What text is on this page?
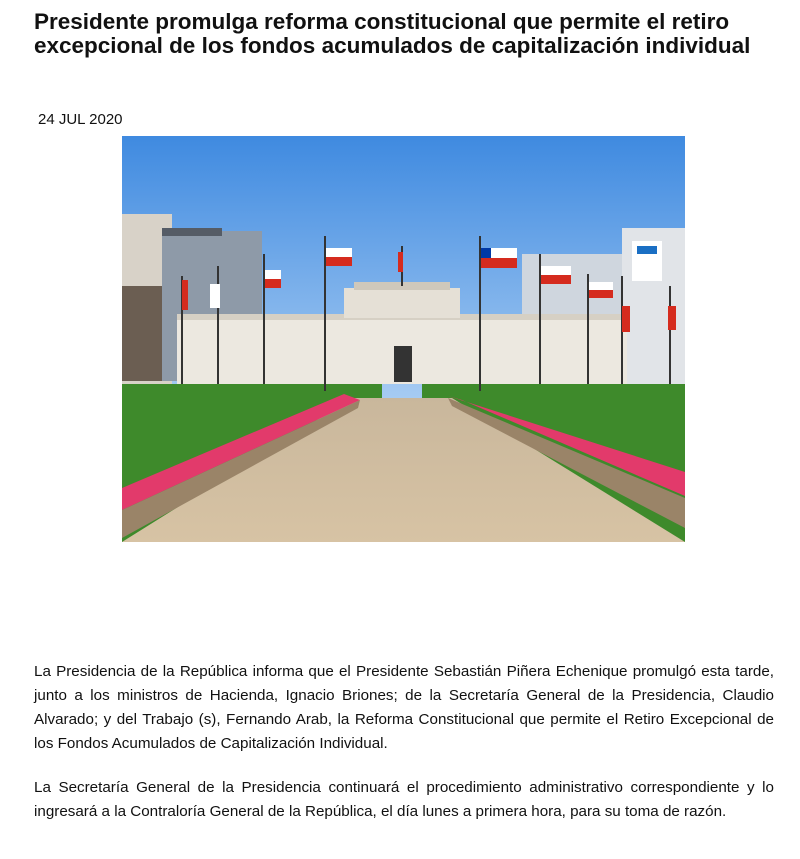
Presidente promulga reforma constitucional que permite el retiro excepcional de los fondos acumulados de capitalización individual
24 JUL 2020

La Presidencia de la República informa que el Presidente Sebastián Piñera Echenique promulgó esta tarde, junto a los ministros de Hacienda, Ignacio Briones; de la Secretaría General de la Presidencia, Claudio Alvarado; y del Trabajo (s), Fernando Arab, la Reforma Constitucional que permite el Retiro Excepcional de los Fondos Acumulados de Capitalización Individual.

La Secretaría General de la Presidencia continuará el procedimiento administrativo correspondiente y lo ingresará a la Contraloría General de la República, el día lunes a primera hora, para su toma de razón.
